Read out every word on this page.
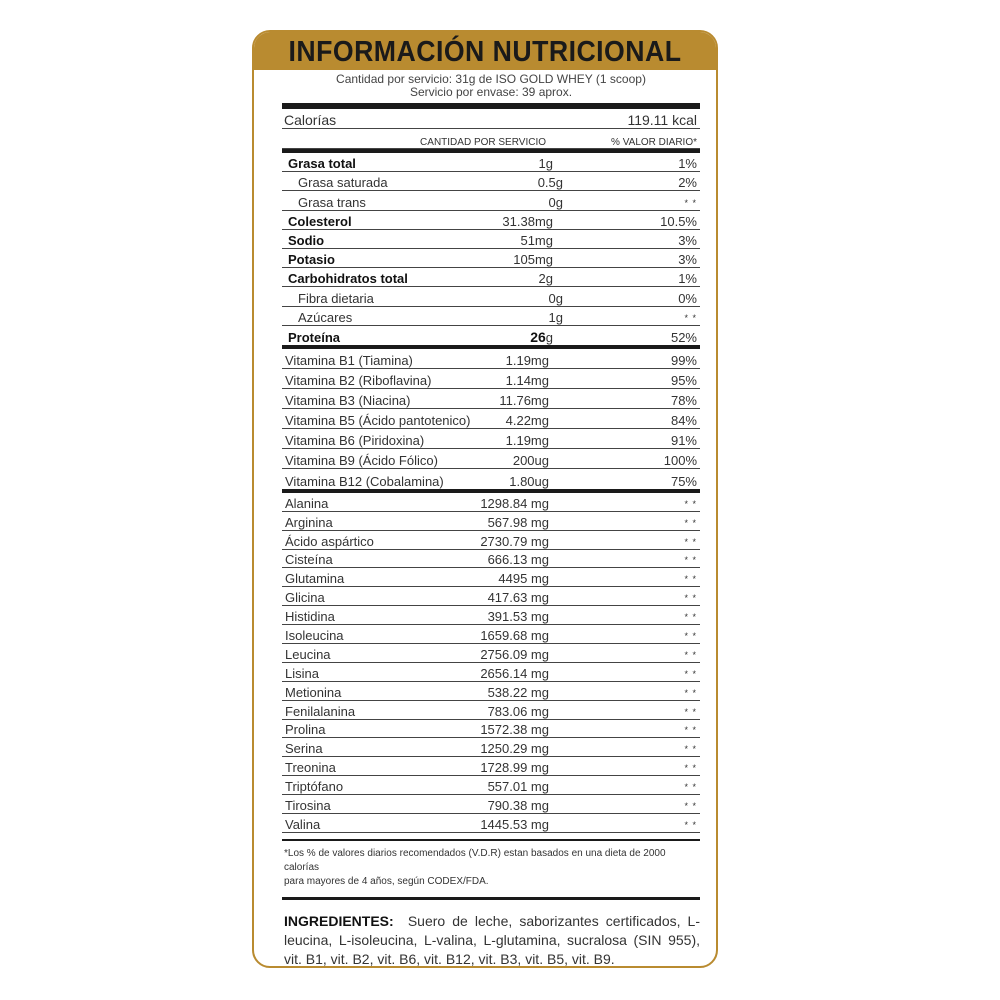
INFORMACIÓN NUTRICIONAL
Cantidad por servicio: 31g de ISO GOLD WHEY (1 scoop)
Servicio por envase: 39 aprox.
Calorías	119.11 kcal
CANTIDAD POR SERVICIO	% VALOR DIARIO*
Grasa total	1g	1%
Grasa saturada	0.5g	2%
Grasa trans	0g	* *
Colesterol	31.38mg	10.5%
Sodio	51mg	3%
Potasio	105mg	3%
Carbohidratos total	2g	1%
Fibra dietaria	0g	0%
Azúcares	1g	* *
Proteína	26g	52%
Vitamina B1 (Tiamina)	1.19mg	99%
Vitamina B2 (Riboflavina)	1.14mg	95%
Vitamina B3 (Niacina)	11.76mg	78%
Vitamina B5 (Ácido pantotenico)	4.22mg	84%
Vitamina B6 (Piridoxina)	1.19mg	91%
Vitamina B9 (Ácido Fólico)	200ug	100%
Vitamina B12 (Cobalamina)	1.80ug	75%
Alanina	1298.84 mg	* *
Arginina	567.98 mg	* *
Ácido aspártico	2730.79 mg	* *
Cisteína	666.13 mg	* *
Glutamina	4495 mg	* *
Glicina	417.63 mg	* *
Histidina	391.53 mg	* *
Isoleucina	1659.68 mg	* *
Leucina	2756.09 mg	* *
Lisina	2656.14 mg	* *
Metionina	538.22 mg	* *
Fenilalanina	783.06 mg	* *
Prolina	1572.38 mg	* *
Serina	1250.29 mg	* *
Treonina	1728.99 mg	* *
Triptófano	557.01 mg	* *
Tirosina	790.38 mg	* *
Valina	1445.53 mg	* *
*Los % de valores diarios recomendados (V.D.R) estan basados en una dieta de 2000 calorías
para mayores de 4 años, según CODEX/FDA.
INGREDIENTES: Suero de leche, saborizantes certificados, L-leucina, L-isoleucina, L-valina, L-glutamina, sucralosa (SIN 955), vit. B1, vit. B2, vit. B6, vit. B12, vit. B3, vit. B5, vit. B9.
